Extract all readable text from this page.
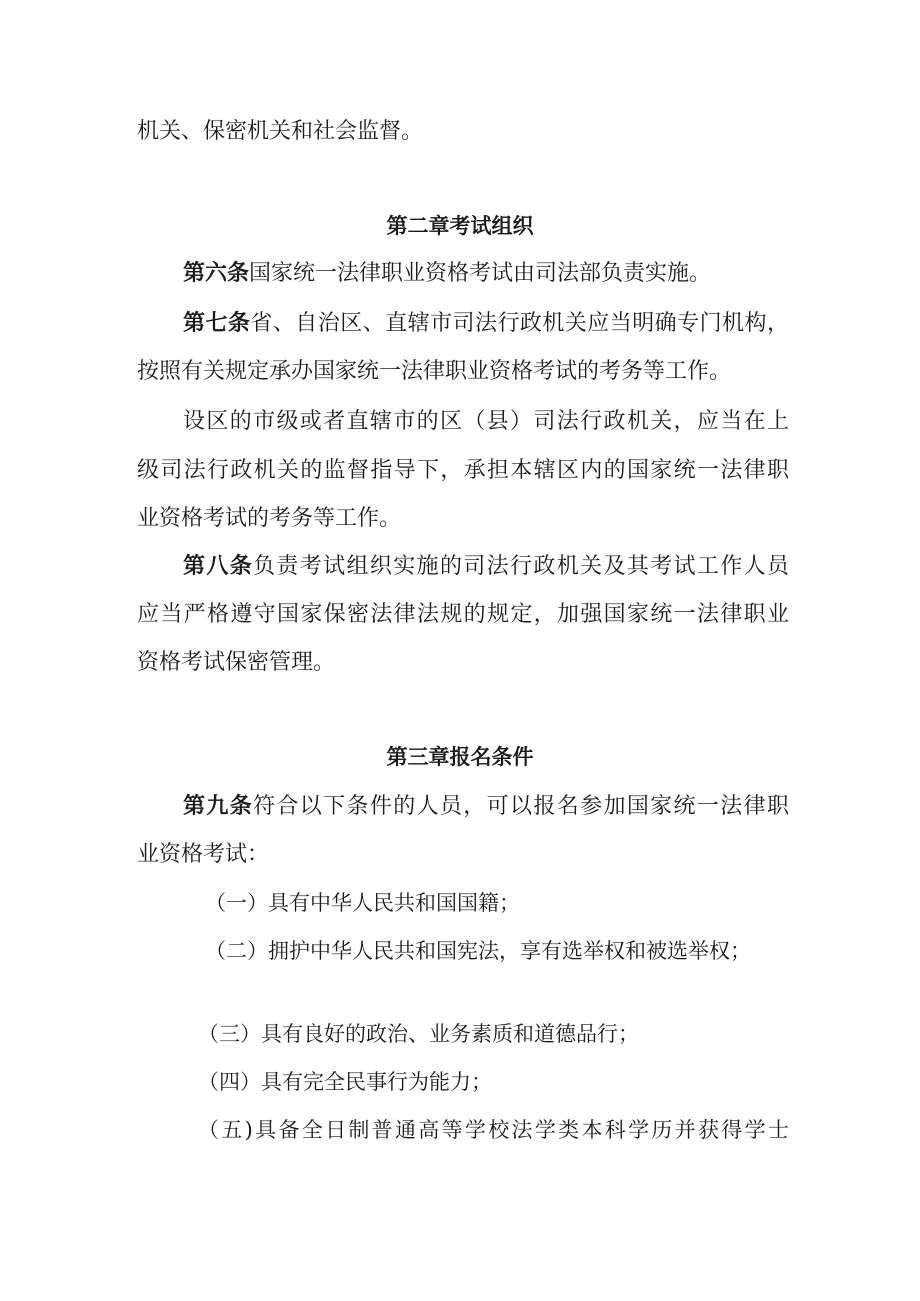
机关、保密机关和社会监督。
第二章考试组织
第六条国家统一法律职业资格考试由司法部负责实施。
第七条省、自治区、直辖市司法行政机关应当明确专门机构，
按照有关规定承办国家统一法律职业资格考试的考务等工作。
设区的市级或者直辖市的区（县）司法行政机关，应当在上
级司法行政机关的监督指导下，承担本辖区内的国家统一法律职
业资格考试的考务等工作。
第八条负责考试组织实施的司法行政机关及其考试工作人员
应当严格遵守国家保密法律法规的规定，加强国家统一法律职业
资格考试保密管理。
第三章报名条件
第九条符合以下条件的人员，可以报名参加国家统一法律职
业资格考试：
（一）具有中华人民共和国国籍；
（二）拥护中华人民共和国宪法，享有选举权和被选举权；
（三）具有良好的政治、业务素质和道德品行；
（四）具有完全民事行为能力；
（五)具备全日制普通高等学校法学类本科学历并获得学士
